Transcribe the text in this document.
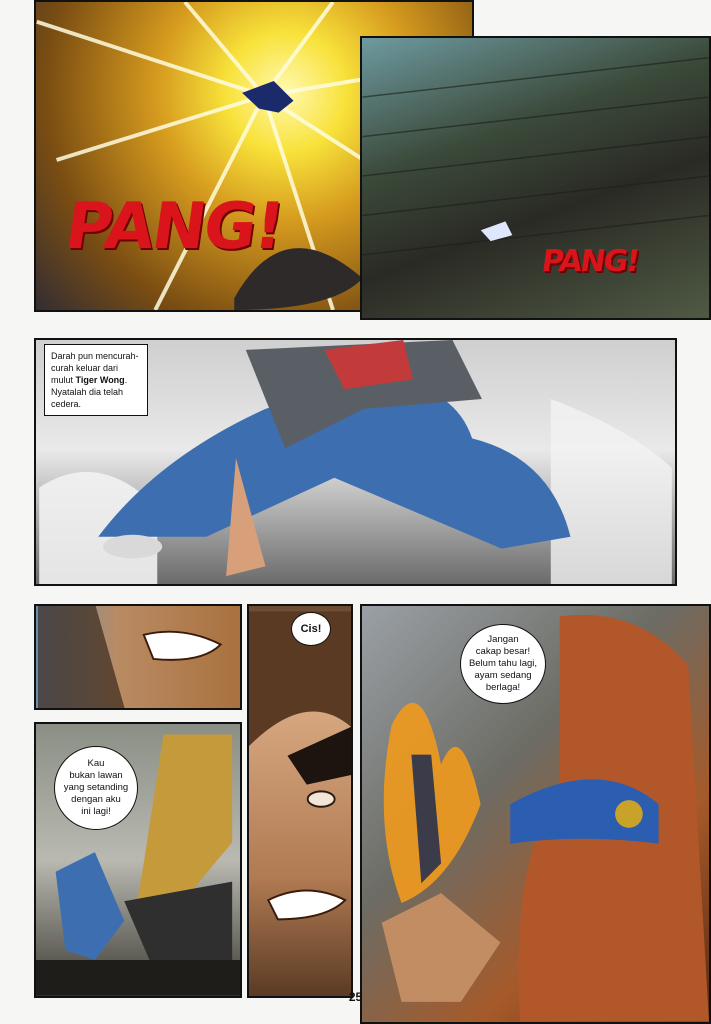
PANG!	PANG!
Darah pun mencurah-curah keluar dari mulut Tiger Wong. Nyatalah dia telah cedera.
Kau
bukan lawan
yang setanding
dengan aku
ini lagi!
Cis!
Jangan
cakap besar!
Belum tahu lagi,
ayam sedang
berlaga!
25
